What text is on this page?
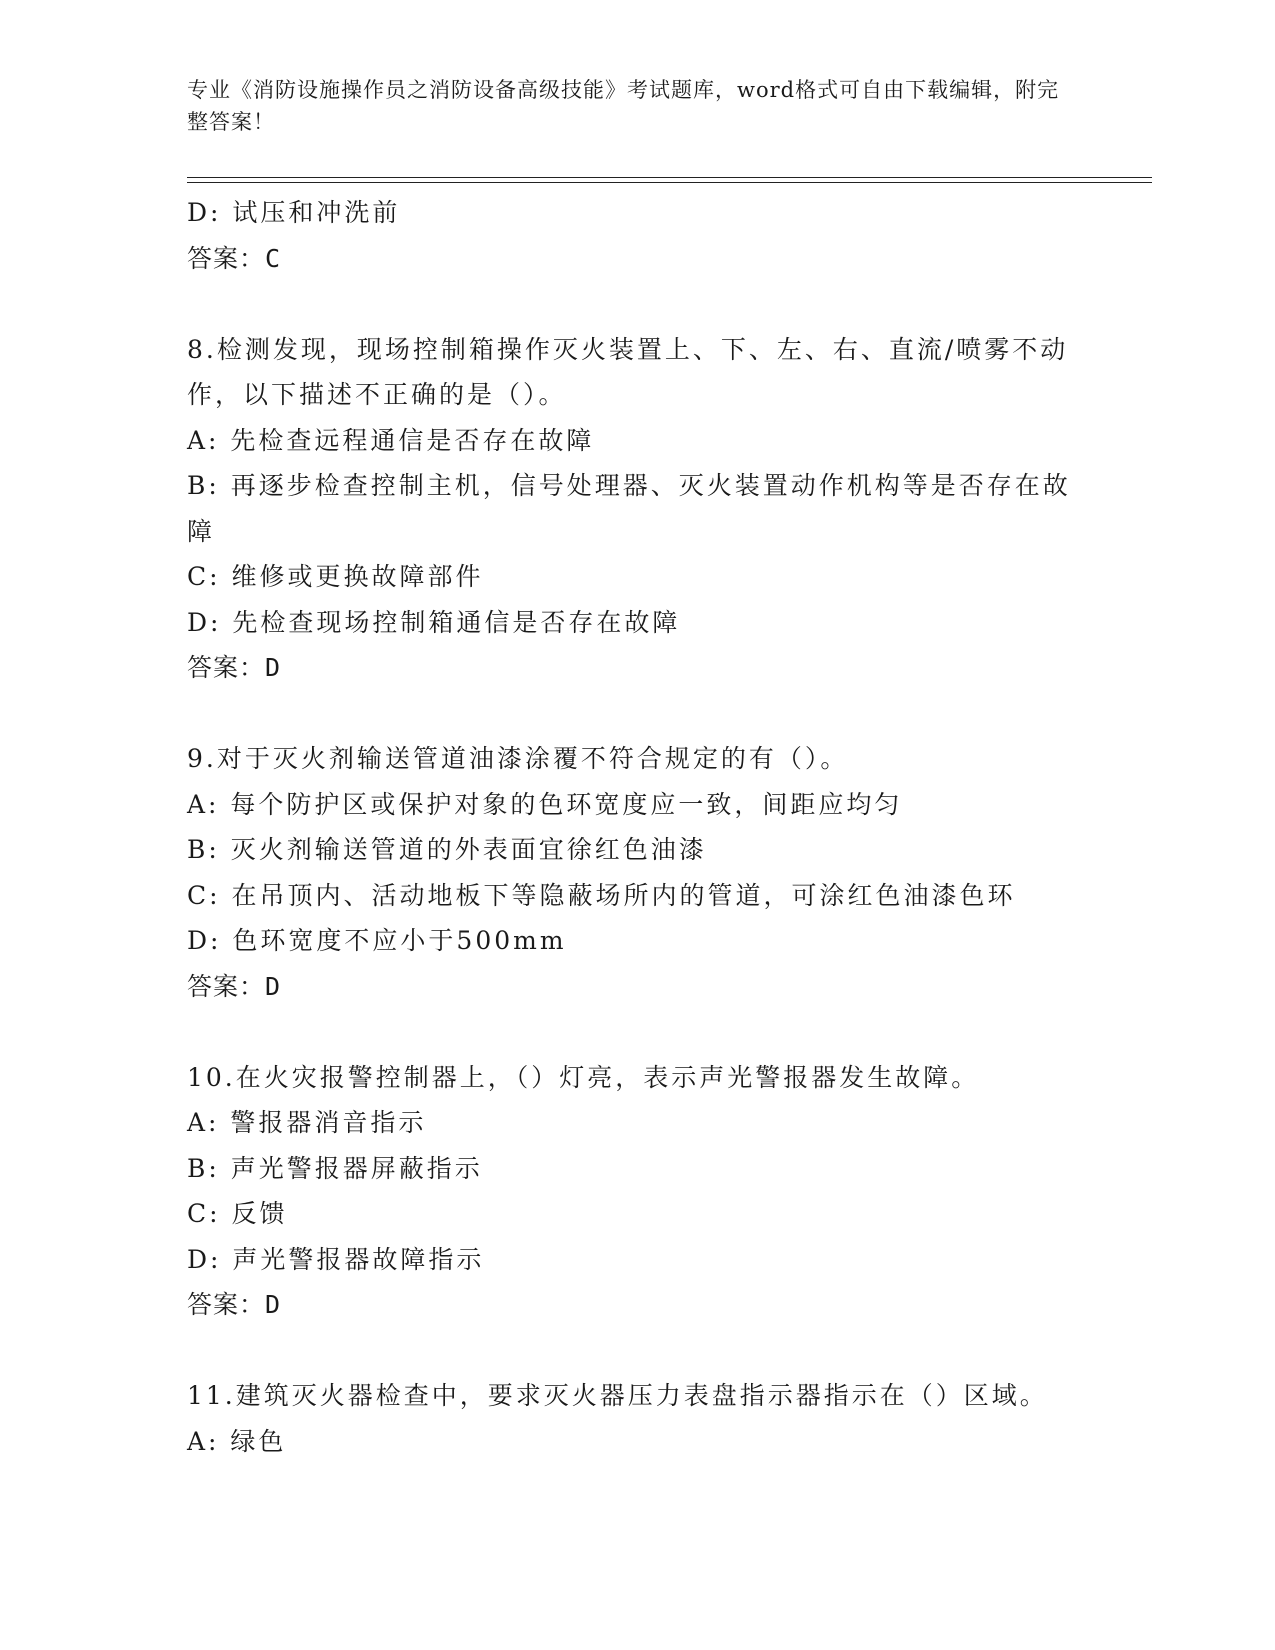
专业《消防设施操作员之消防设备高级技能》考试题库，word格式可自由下载编辑，附完整答案！
D: 试压和冲洗前
答案：C
8.检测发现，现场控制箱操作灭火装置上、下、左、右、直流/喷雾不动作，以下描述不正确的是（）。
A: 先检查远程通信是否存在故障
B: 再逐步检查控制主机，信号处理器、灭火装置动作机构等是否存在故障
C: 维修或更换故障部件
D: 先检查现场控制箱通信是否存在故障
答案：D
9.对于灭火剂输送管道油漆涂覆不符合规定的有（）。
A: 每个防护区或保护对象的色环宽度应一致，间距应均匀
B: 灭火剂输送管道的外表面宜徐红色油漆
C: 在吊顶内、活动地板下等隐蔽场所内的管道，可涂红色油漆色环
D: 色环宽度不应小于500mm
答案：D
10.在火灾报警控制器上，（）灯亮，表示声光警报器发生故障。
A: 警报器消音指示
B: 声光警报器屏蔽指示
C: 反馈
D: 声光警报器故障指示
答案：D
11.建筑灭火器检查中，要求灭火器压力表盘指示器指示在（）区域。
A: 绿色
